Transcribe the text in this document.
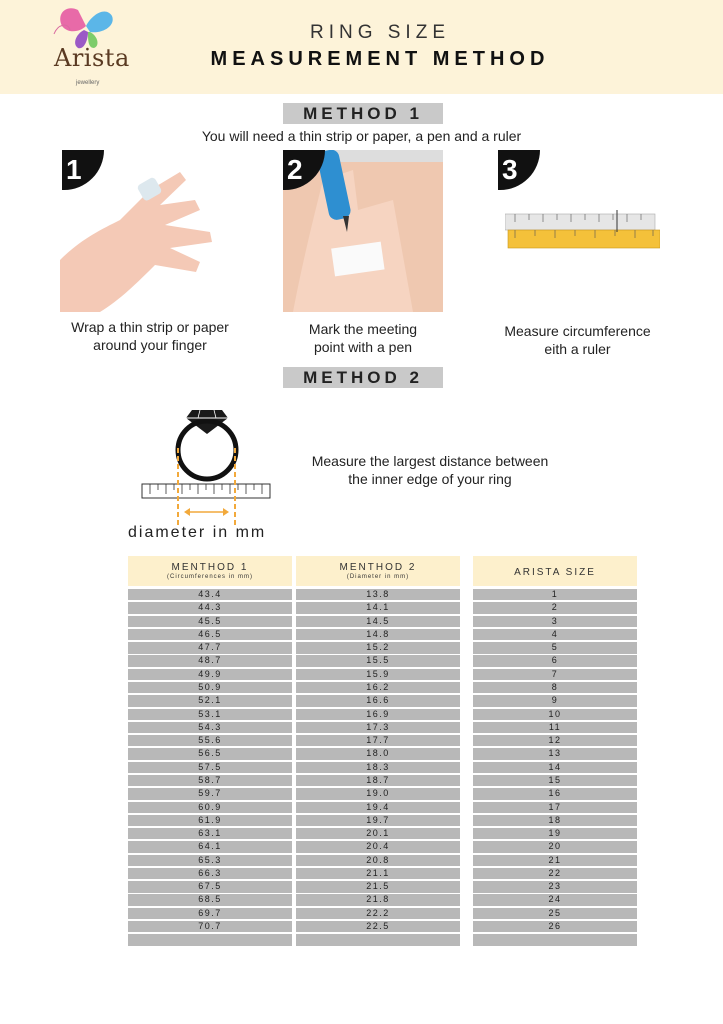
Arista
jewellery
RING SIZE
MEASUREMENT METHOD
METHOD 1
You will need a thin strip or paper, a pen and a ruler
1
Wrap a thin strip or paper
around your finger
2
Mark the meeting
point with a pen
3
Measure circumference
eith a ruler
METHOD 2
Measure the largest distance between
the inner edge of your ring
diameter in mm
MENTHOD 1
(Circumferences in mm)
MENTHOD 2
(Diameter in mm)	ARISTA SIZE
43.4
44.3
45.5
46.5
47.7
48.7
49.9
50.9
52.1
53.1
54.3
55.6
56.5
57.5
58.7
59.7
60.9
61.9
63.1
64.1
65.3
66.3
67.5
68.5
69.7
70.7
13.8
14.1
14.5
14.8
15.2
15.5
15.9
16.2
16.6
16.9
17.3
17.7
18.0
18.3
18.7
19.0
19.4
19.7
20.1
20.4
20.8
21.1
21.5
21.8
22.2
22.5
1
2
3
4
5
6
7
8
9
10
11
12
13
14
15
16
17
18
19
20
21
22
23
24
25
26
